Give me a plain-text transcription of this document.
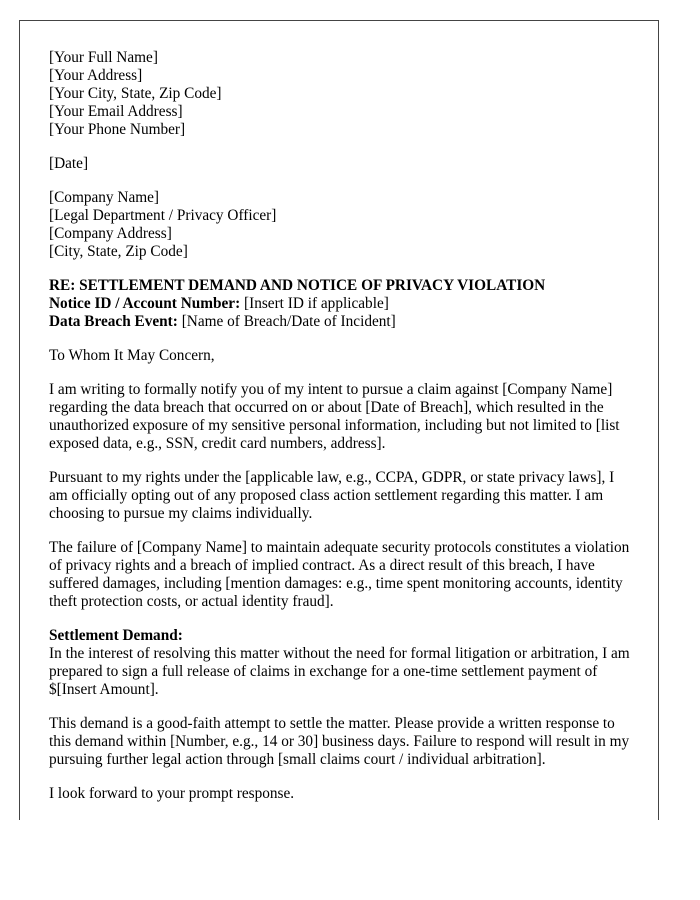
[Your Full Name]
[Your Address]
[Your City, State, Zip Code]
[Your Email Address]
[Your Phone Number]
[Date]
[Company Name]
[Legal Department / Privacy Officer]
[Company Address]
[City, State, Zip Code]
RE: SETTLEMENT DEMAND AND NOTICE OF PRIVACY VIOLATION
Notice ID / Account Number: [Insert ID if applicable]
Data Breach Event: [Name of Breach/Date of Incident]

To Whom It May Concern,

I am writing to formally notify you of my intent to pursue a claim against [Company Name] regarding the data breach that occurred on or about [Date of Breach], which resulted in the unauthorized exposure of my sensitive personal information, including but not limited to [list exposed data, e.g., SSN, credit card numbers, address].

Pursuant to my rights under the [applicable law, e.g., CCPA, GDPR, or state privacy laws], I am officially opting out of any proposed class action settlement regarding this matter. I am choosing to pursue my claims individually.

The failure of [Company Name] to maintain adequate security protocols constitutes a violation of privacy rights and a breach of implied contract. As a direct result of this breach, I have suffered damages, including [mention damages: e.g., time spent monitoring accounts, identity theft protection costs, or actual identity fraud].

Settlement Demand:
In the interest of resolving this matter without the need for formal litigation or arbitration, I am prepared to sign a full release of claims in exchange for a one-time settlement payment of $[Insert Amount].

This demand is a good-faith attempt to settle the matter. Please provide a written response to this demand within [Number, e.g., 14 or 30] business days. Failure to respond will result in my pursuing further legal action through [small claims court / individual arbitration].

I look forward to your prompt response.
